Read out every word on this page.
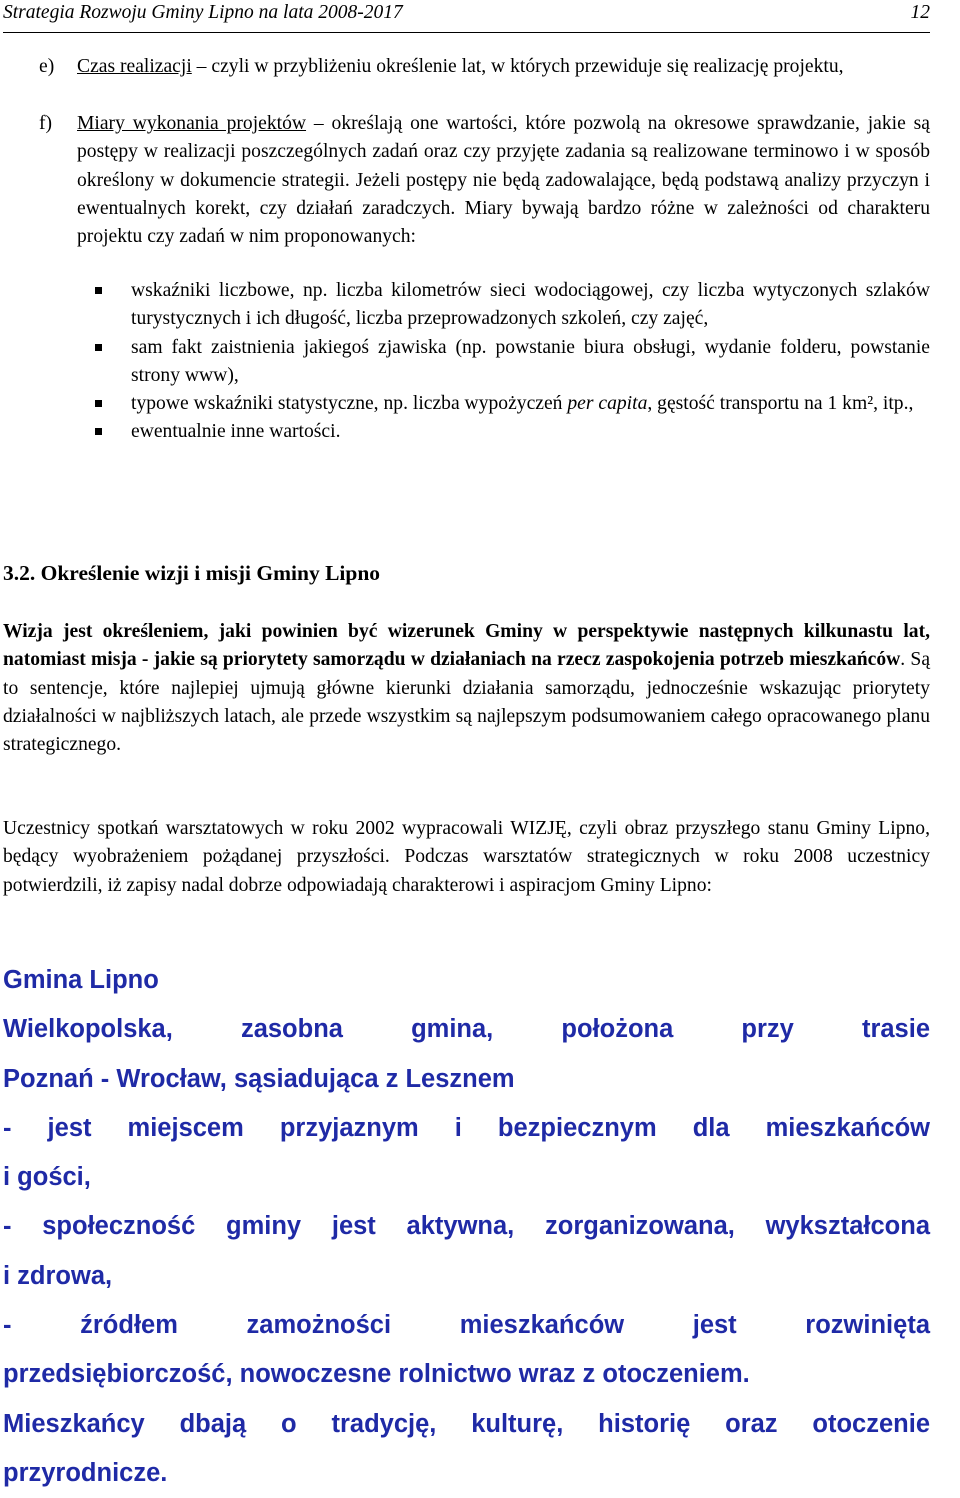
Strategia Rozwoju Gminy Lipno na lata 2008-2017	12
e) Czas realizacji – czyli w przybliżeniu określenie lat, w których przewiduje się realizację projektu,
f) Miary wykonania projektów – określają one wartości, które pozwolą na okresowe sprawdzanie, jakie są postępy w realizacji poszczególnych zadań oraz czy przyjęte zadania są realizowane terminowo i w sposób określony w dokumencie strategii. Jeżeli postępy nie będą zadowalające, będą podstawą analizy przyczyn i ewentualnych korekt, czy działań zaradczych. Miary bywają bardzo różne w zależności od charakteru projektu czy zadań w nim proponowanych:
wskaźniki liczbowe, np. liczba kilometrów sieci wodociągowej, czy liczba wytyczonych szlaków turystycznych i ich długość, liczba przeprowadzonych szkoleń, czy zajęć,
sam fakt zaistnienia jakiegoś zjawiska (np. powstanie biura obsługi, wydanie folderu, powstanie strony www),
typowe wskaźniki statystyczne, np. liczba wypożyczeń per capita, gęstość transportu na 1 km², itp.,
ewentualnie inne wartości.
3.2. Określenie wizji i misji Gminy Lipno
Wizja jest określeniem, jaki powinien być wizerunek Gminy w perspektywie następnych kilkunastu lat, natomiast misja - jakie są priorytety samorządu w działaniach na rzecz zaspokojenia potrzeb mieszkańców. Są to sentencje, które najlepiej ujmują główne kierunki działania samorządu, jednocześnie wskazując priorytety działalności w najbliższych latach, ale przede wszystkim są najlepszym podsumowaniem całego opracowanego planu strategicznego.
Uczestnicy spotkań warsztatowych w roku 2002 wypracowali WIZJĘ, czyli obraz przyszłego stanu Gminy Lipno, będący wyobrażeniem pożądanej przyszłości. Podczas warsztatów strategicznych w roku 2008 uczestnicy potwierdzili, iż zapisy nadal dobrze odpowiadają charakterowi i aspiracjom Gminy Lipno:
Gmina Lipno
Wielkopolska, zasobna gmina, położona przy trasie
Poznań - Wrocław, sąsiadująca z Lesznem
- jest miejscem przyjaznym i bezpiecznym dla mieszkańców
i gości,
- społeczność gminy jest aktywna, zorganizowana, wykształcona
i zdrowa,
- źródłem zamożności mieszkańców jest rozwinięta
przedsiębiorczość, nowoczesne rolnictwo wraz z otoczeniem.
Mieszkańcy dbają o tradycję, kulturę, historię oraz otoczenie
przyrodnicze.
